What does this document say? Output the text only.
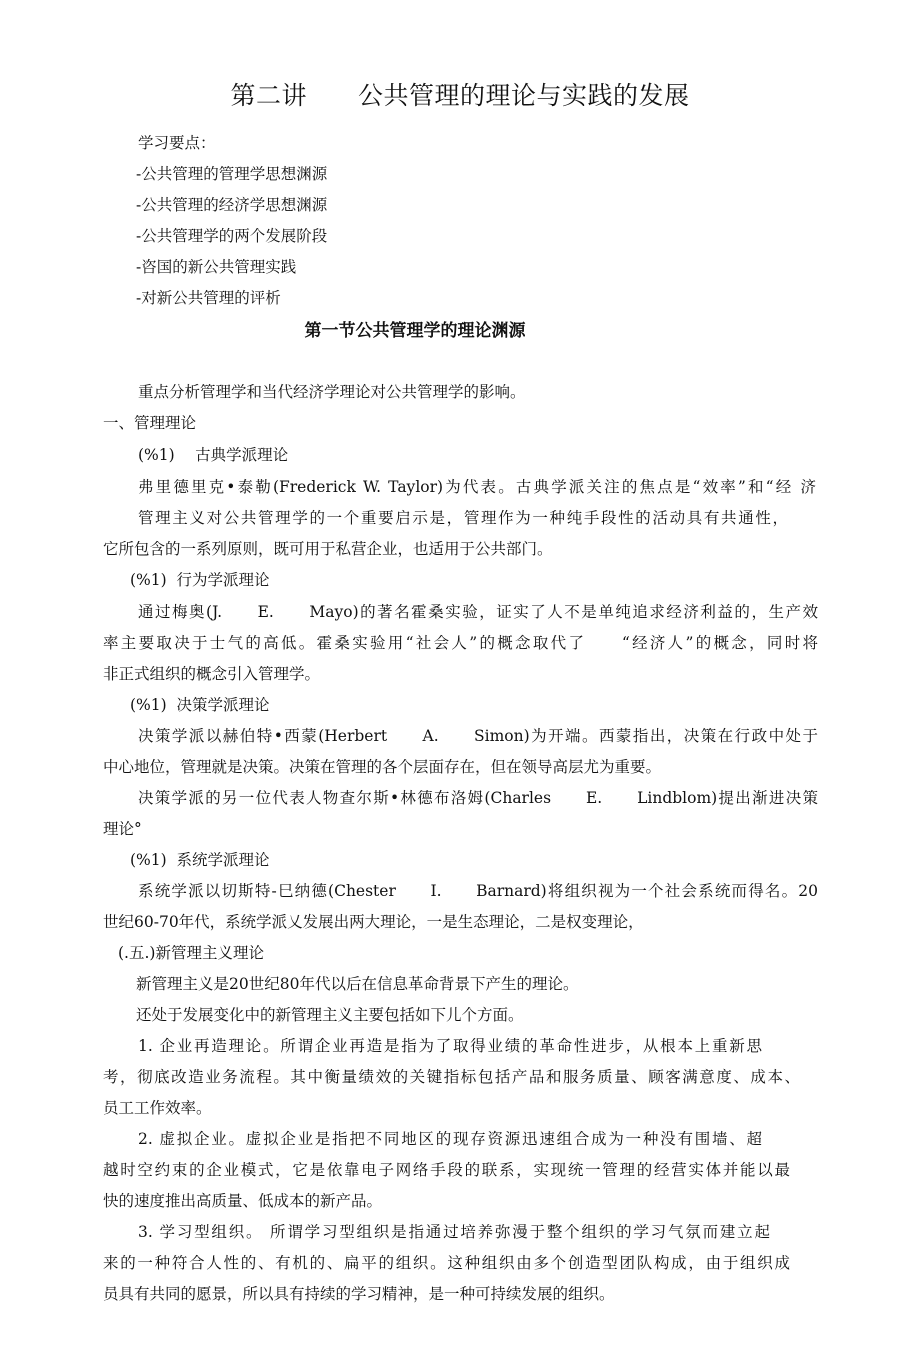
第二讲　　公共管理的理论与实践的发展
学习要点：
-公共管理的管理学思想渊源
-公共管理的经济学思想渊源
-公共管理学的两个发展阶段
-咨国的新公共管理实践
-对新公共管理的评析
第一节公共管理学的理论渊源
重点分析管理学和当代经济学理论对公共管理学的影响。
一、管理理论
(%1)　 古典学派理论
弗里德里克•泰勒(Frederick W. Taylor)为代表。古典学派关注的焦点是“效率”和“经 济
管理主义对公共管理学的一个重要启示是，管理作为一种纯手段性的活动具有共通性，
它所包含的一系列原则，既可用于私营企业，也适用于公共部门。
(%1)  行为学派理论
通过梅奥(J.　　E.　　Mayo)的著名霍桑实验，证实了人不是单纯追求经济利益的，生产效
率主要取决于士气的高低。霍桑实验用“社会人”的概念取代了　　“经济人”的概念，同时将
非正式组织的概念引入管理学。
(%1)  决策学派理论
决策学派以赫伯特•西蒙(Herbert　　A.　　Simon)为开端。西蒙指出，决策在行政中处于
中心地位，管理就是决策。决策在管理的各个层面存在，但在领导高层尤为重要。
决策学派的另一位代表人物查尔斯•林德布洛姆(Charles　　E.　　Lindblom)提出渐进决策
理论°
(%1)  系统学派理论
系统学派以切斯特-巳纳德(Chester　　I.　　Barnard)将组织视为一个社会系统而得名。20
世纪60-70年代，系统学派乂发展出两大理论，一是生态理论，二是权变理论，
(.五.)新管理主义理论
新管理主义是20世纪80年代以后在信息革命背景下产生的理论。
还处于发展变化中的新管理主义主要包括如下儿个方面。
1. 企业再造理论。所谓企业再造是指为了取得业绩的革命性进步，从根本上重新思
考，彻底改造业务流程。其中衡量绩效的关键指标包括产品和服务质量、顾客满意度、成本、
员工工作效率。
2. 虚拟企业。虚拟企业是指把不同地区的现存资源迅速组合成为一种没有围墙、超
越时空约束的企业模式，它是依靠电子网络手段的联系，实现统一管理的经营实体并能以最
快的速度推出高质量、低成本的新产品。
3. 学习型组织。 所谓学习型组织是指通过培养弥漫于整个组织的学习气氛而建立起
来的一种符合人性的、有机的、扁平的组织。这种组织由多个创造型团队构成，由于组织成
员具有共同的愿景，所以具有持续的学习精神，是一种可持续发展的组织。
